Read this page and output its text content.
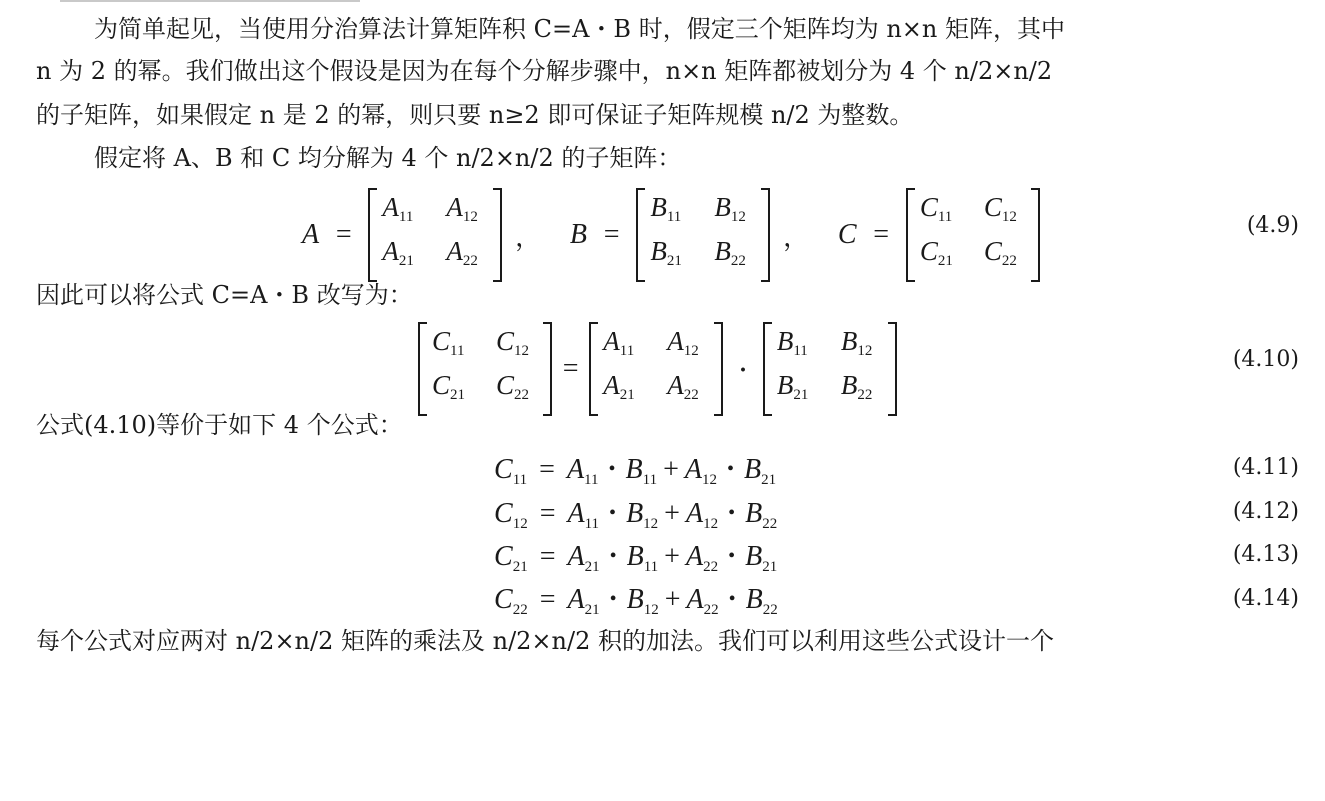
为简单起见，当使用分治算法计算矩阵积 C=A・B 时，假定三个矩阵均为 n×n 矩阵，其中
n 为 2 的幂。我们做出这个假设是因为在每个分解步骤中，n×n 矩阵都被划分为 4 个 n/2×n/2
的子矩阵，如果假定 n 是 2 的幂，则只要 n≥2 即可保证子矩阵规模 n/2 为整数。
假定将 A、B 和 C 均分解为 4 个 n/2×n/2 的子矩阵：
A =
$A_{11}$	$A_{12}$
$A_{21}$	$A_{22}$
， B =
$B_{11}$	$B_{12}$
$B_{21}$	$B_{22}$
， C =
$C_{11}$	$C_{12}$
$C_{21}$	$C_{22}$
(4.9)
因此可以将公式 C=A・B 改写为：
$C_{11}$	$C_{12}$
$C_{21}$	$C_{22}$
=
$A_{11}$	$A_{12}$
$A_{21}$	$A_{22}$
・
$B_{11}$	$B_{12}$
$B_{21}$	$B_{22}$
(4.10)
公式(4.10)等价于如下 4 个公式：
$C_{11} = A_{11}$ • $B_{11} + A_{12}$ • $B_{21}$	(4.11)
$C_{12} = A_{11}$ • $B_{12} + A_{12}$ • $B_{22}$	(4.12)
$C_{21} = A_{21}$ • $B_{11} + A_{22}$ • $B_{21}$	(4.13)
$C_{22} = A_{21}$ • $B_{12} + A_{22}$ • $B_{22}$	(4.14)
每个公式对应两对 n/2×n/2 矩阵的乘法及 n/2×n/2 积的加法。我们可以利用这些公式设计一个
